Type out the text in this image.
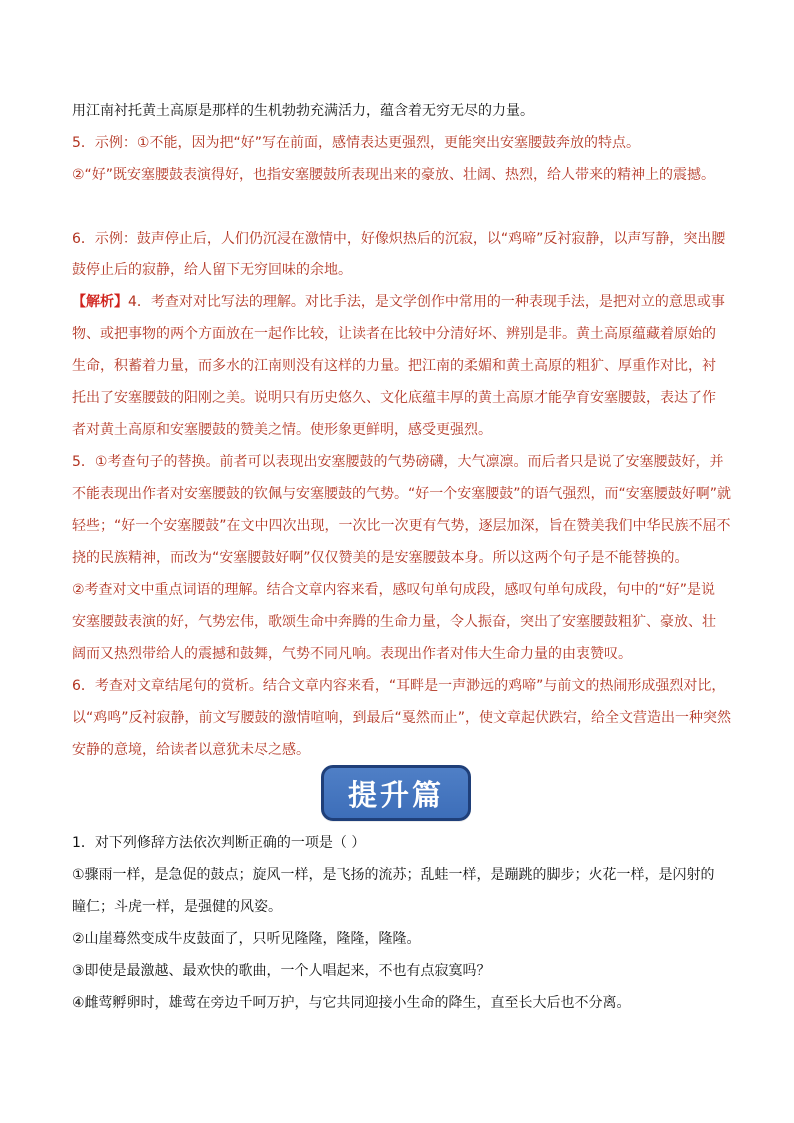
用江南衬托黄土高原是那样的生机勃勃充满活力，蕴含着无穷无尽的力量。
5．示例：①不能，因为把“好”写在前面，感情表达更强烈，更能突出安塞腰鼓奔放的特点。
②“好”既安塞腰鼓表演得好，也指安塞腰鼓所表现出来的豪放、壮阔、热烈，给人带来的精神上的震撼。
6．示例：鼓声停止后，人们仍沉浸在激情中，好像炽热后的沉寂，以“鸡啼”反衬寂静，以声写静，突出腰
鼓停止后的寂静，给人留下无穷回味的余地。
【解析】4．考查对对比写法的理解。对比手法，是文学创作中常用的一种表现手法，是把对立的意思或事
物、或把事物的两个方面放在一起作比较，让读者在比较中分清好坏、辨别是非。黄土高原蕴藏着原始的
生命，积蓄着力量，而多水的江南则没有这样的力量。把江南的柔媚和黄土高原的粗犷、厚重作对比，衬
托出了安塞腰鼓的阳刚之美。说明只有历史悠久、文化底蕴丰厚的黄土高原才能孕育安塞腰鼓，表达了作
者对黄土高原和安塞腰鼓的赞美之情。使形象更鲜明，感受更强烈。
5．①考查句子的替换。前者可以表现出安塞腰鼓的气势磅礴，大气凛凛。而后者只是说了安塞腰鼓好，并
不能表现出作者对安塞腰鼓的钦佩与安塞腰鼓的气势。“好一个安塞腰鼓”的语气强烈，而“安塞腰鼓好啊”就
轻些；“好一个安塞腰鼓”在文中四次出现，一次比一次更有气势，逐层加深，旨在赞美我们中华民族不屈不
挠的民族精神，而改为“安塞腰鼓好啊”仅仅赞美的是安塞腰鼓本身。所以这两个句子是不能替换的。
②考查对文中重点词语的理解。结合文章内容来看，感叹句单句成段，感叹句单句成段，句中的“好”是说
安塞腰鼓表演的好，气势宏伟，歌颂生命中奔腾的生命力量，令人振奋，突出了安塞腰鼓粗犷、豪放、壮
阔而又热烈带给人的震撼和鼓舞，气势不同凡响。表现出作者对伟大生命力量的由衷赞叹。
6．考查对文章结尾句的赏析。结合文章内容来看，“耳畔是一声渺远的鸡啼”与前文的热闹形成强烈对比，
以“鸡鸣”反衬寂静，前文写腰鼓的激情喧响，到最后“戛然而止”，使文章起伏跌宕，给全文营造出一种突然
安静的意境，给读者以意犹未尽之感。
提升篇
1．对下列修辞方法依次判断正确的一项是（ ）
①骤雨一样，是急促的鼓点；旋风一样，是飞扬的流苏；乱蛙一样，是蹦跳的脚步；火花一样，是闪射的
瞳仁；斗虎一样，是强健的风姿。
②山崖蓦然变成牛皮鼓面了，只听见隆隆，隆隆，隆隆。
③即使是最激越、最欢快的歌曲，一个人唱起来，不也有点寂寞吗？
④雌莺孵卵时，雄莺在旁边千呵万护，与它共同迎接小生命的降生，直至长大后也不分离。
